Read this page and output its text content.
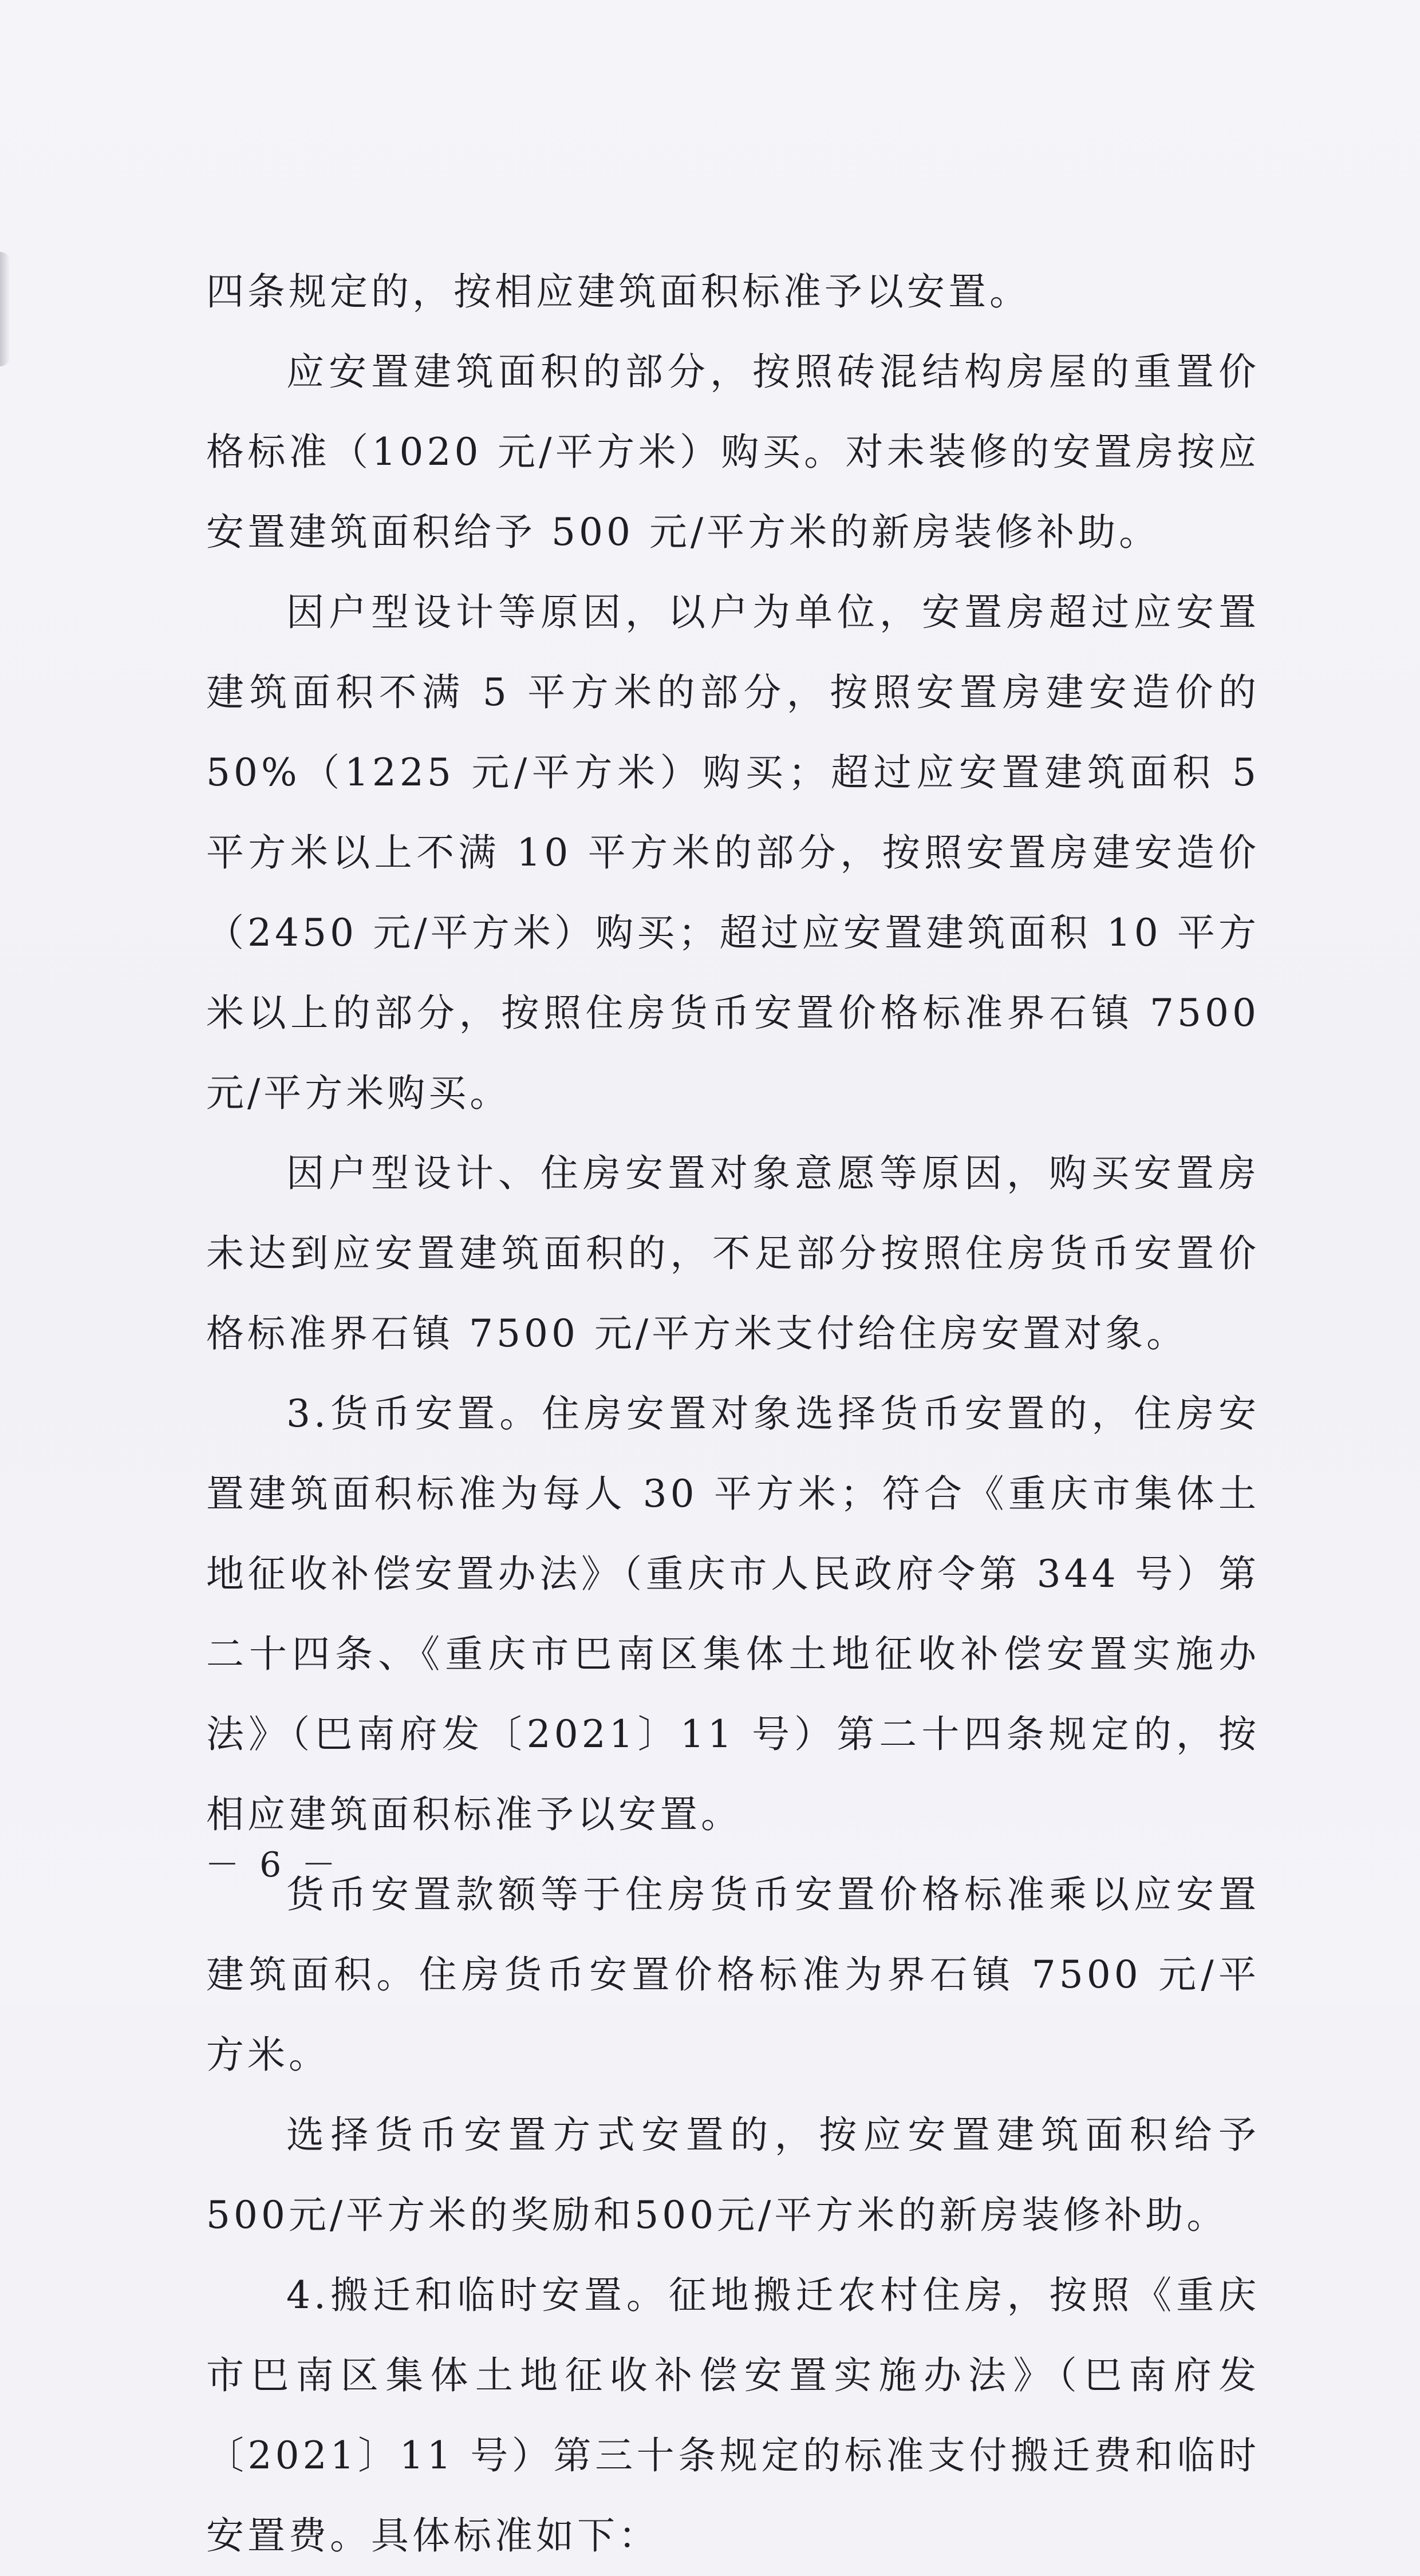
四条规定的，按相应建筑面积标准予以安置。

应安置建筑面积的部分，按照砖混结构房屋的重置价格标准（1020 元/平方米）购买。对未装修的安置房按应安置建筑面积给予 500 元/平方米的新房装修补助。

因户型设计等原因，以户为单位，安置房超过应安置建筑面积不满 5 平方米的部分，按照安置房建安造价的 50%（1225 元/平方米）购买；超过应安置建筑面积 5 平方米以上不满 10 平方米的部分，按照安置房建安造价（2450 元/平方米）购买；超过应安置建筑面积 10 平方米以上的部分，按照住房货币安置价格标准界石镇 7500 元/平方米购买。

因户型设计、住房安置对象意愿等原因，购买安置房未达到应安置建筑面积的，不足部分按照住房货币安置价格标准界石镇 7500 元/平方米支付给住房安置对象。

3.货币安置。住房安置对象选择货币安置的，住房安置建筑面积标准为每人 30 平方米；符合《重庆市集体土地征收补偿安置办法》（重庆市人民政府令第 344 号）第二十四条、《重庆市巴南区集体土地征收补偿安置实施办法》（巴南府发〔2021〕11 号）第二十四条规定的，按相应建筑面积标准予以安置。

货币安置款额等于住房货币安置价格标准乘以应安置建筑面积。住房货币安置价格标准为界石镇 7500 元/平方米。

选择货币安置方式安置的，按应安置建筑面积给予500元/平方米的奖励和500元/平方米的新房装修补助。

4.搬迁和临时安置。征地搬迁农村住房，按照《重庆市巴南区集体土地征收补偿安置实施办法》（巴南府发〔2021〕11 号）第三十条规定的标准支付搬迁费和临时安置费。具体标准如下：

－ 6 －
